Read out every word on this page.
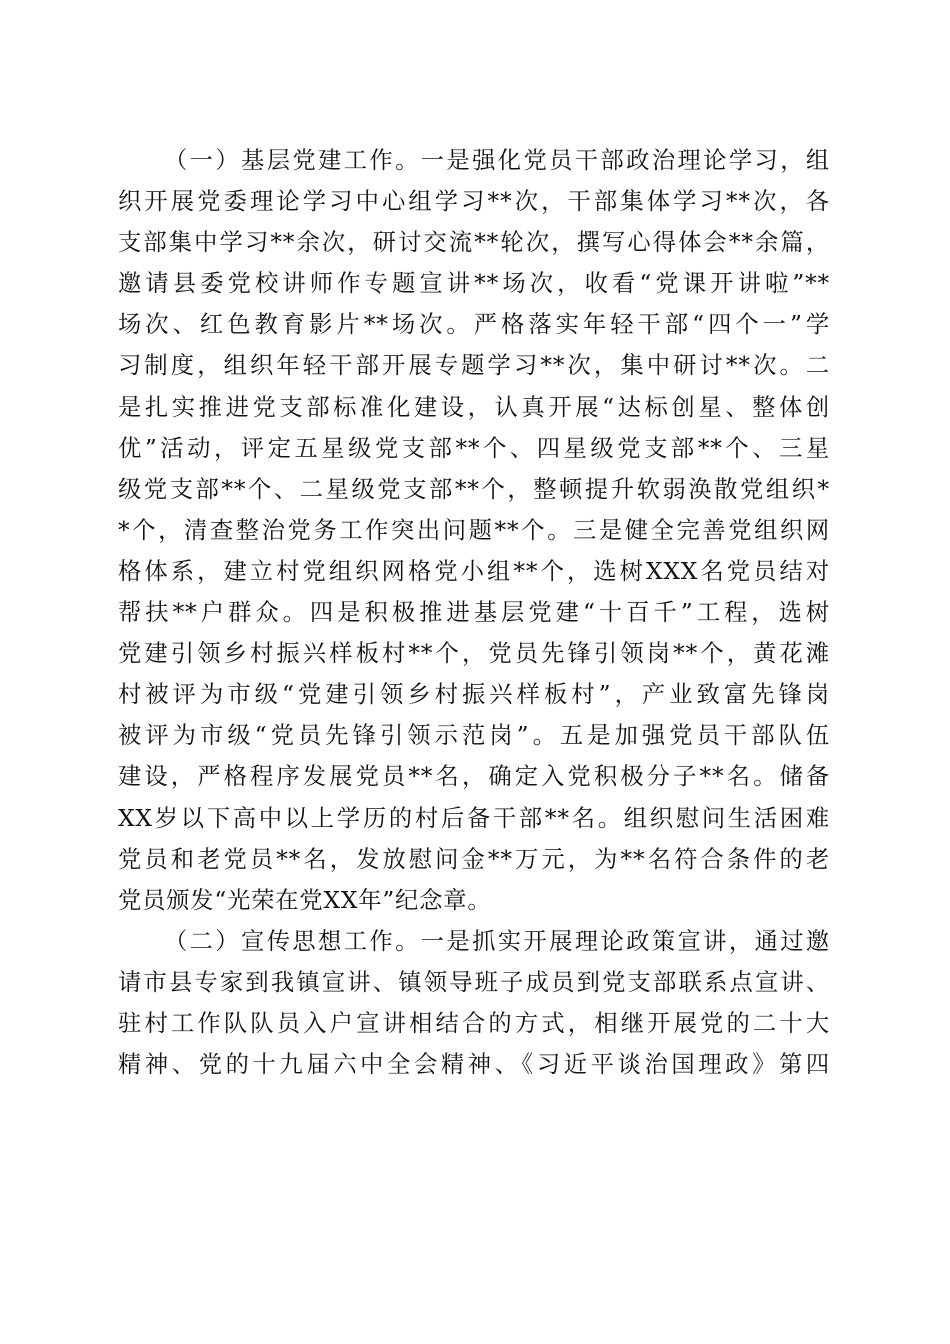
（一）基层党建工作。一是强化党员干部政治理论学习，组
织开展党委理论学习中心组学习**次，干部集体学习**次，各
支部集中学习**余次，研讨交流**轮次，撰写心得体会**余篇，
邀请县委党校讲师作专题宣讲**场次，收看“党课开讲啦”**
场次、红色教育影片**场次。严格落实年轻干部“四个一”学
习制度，组织年轻干部开展专题学习**次，集中研讨**次。二
是扎实推进党支部标准化建设，认真开展“达标创星、整体创
优”活动，评定五星级党支部**个、四星级党支部**个、三星
级党支部**个、二星级党支部**个，整顿提升软弱涣散党组织*
*个，清查整治党务工作突出问题**个。三是健全完善党组织网
格体系，建立村党组织网格党小组**个，选树XXX名党员结对
帮扶**户群众。四是积极推进基层党建“十百千”工程，选树
党建引领乡村振兴样板村**个，党员先锋引领岗**个，黄花滩
村被评为市级“党建引领乡村振兴样板村”，产业致富先锋岗
被评为市级“党员先锋引领示范岗”。五是加强党员干部队伍
建设，严格程序发展党员**名，确定入党积极分子**名。储备
XX岁以下高中以上学历的村后备干部**名。组织慰问生活困难
党员和老党员**名，发放慰问金**万元，为**名符合条件的老
党员颁发“光荣在党XX年”纪念章。
（二）宣传思想工作。一是抓实开展理论政策宣讲，通过邀
请市县专家到我镇宣讲、镇领导班子成员到党支部联系点宣讲、
驻村工作队队员入户宣讲相结合的方式，相继开展党的二十大
精神、党的十九届六中全会精神、《习近平谈治国理政》第四
